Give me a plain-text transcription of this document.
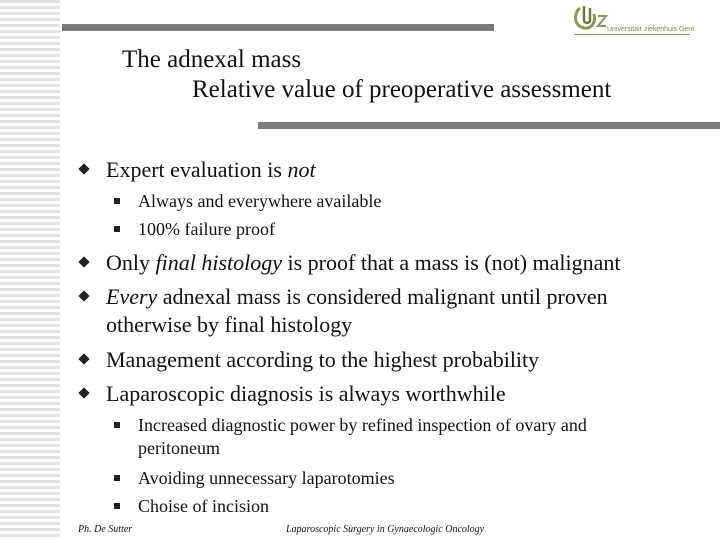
Universitair ziekenhuis Gent
The adnexal mass
Relative value of preoperative assessment
Expert evaluation is not
Always and everywhere available
100% failure proof
Only final histology is proof that a mass is (not) malignant
Every adnexal mass is considered malignant until proven
otherwise by final histology
Management according to the highest probability
Laparoscopic diagnosis is always worthwhile
Increased diagnostic power by refined inspection of ovary and
peritoneum
Avoiding unnecessary laparotomies
Choise of incision
Ph. De Sutter	Laparoscopic Surgery in Gynaecologic Oncology
